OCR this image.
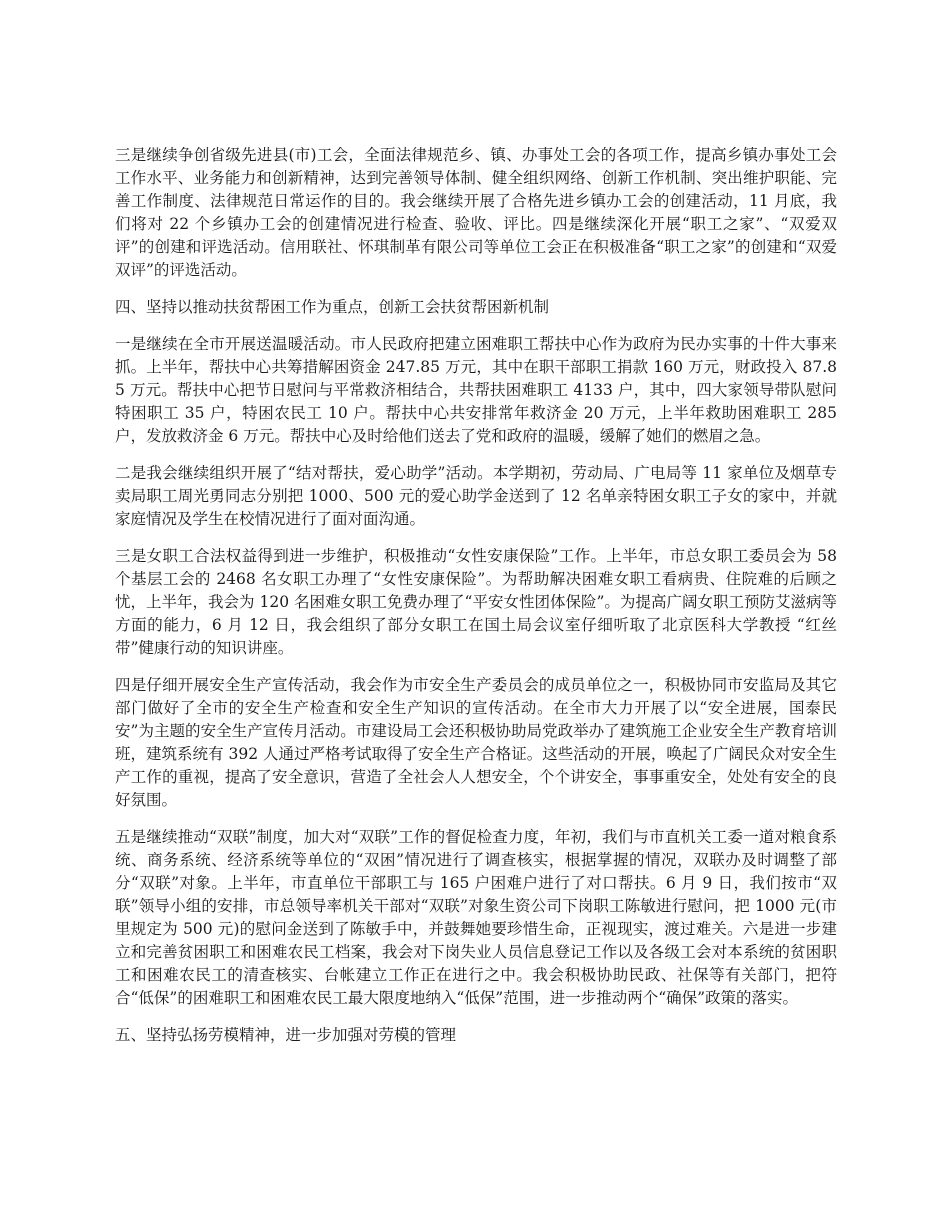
三是继续争创省级先进县(市)工会，全面法律规范乡、镇、办事处工会的各项工作，提高乡镇办事处工会工作水平、业务能力和创新精神，达到完善领导体制、健全组织网络、创新工作机制、突出维护职能、完善工作制度、法律规范日常运作的目的。我会继续开展了合格先进乡镇办工会的创建活动，11 月底，我们将对 22 个乡镇办工会的创建情况进行检查、验收、评比。四是继续深化开展“职工之家”、“双爱双评”的创建和评选活动。信用联社、怀琪制革有限公司等单位工会正在积极准备“职工之家”的创建和“双爱双评”的评选活动。

四、坚持以推动扶贫帮困工作为重点，创新工会扶贫帮困新机制

一是继续在全市开展送温暖活动。市人民政府把建立困难职工帮扶中心作为政府为民办实事的十件大事来抓。上半年，帮扶中心共筹措解困资金 247.85 万元，其中在职干部职工捐款 160 万元，财政投入 87.85 万元。帮扶中心把节日慰问与平常救济相结合，共帮扶困难职工 4133 户，其中，四大家领导带队慰问特困职工 35 户，特困农民工 10 户。帮扶中心共安排常年救济金 20 万元，上半年救助困难职工 285 户，发放救济金 6 万元。帮扶中心及时给他们送去了党和政府的温暖，缓解了她们的燃眉之急。

二是我会继续组织开展了“结对帮扶，爱心助学”活动。本学期初，劳动局、广电局等 11 家单位及烟草专卖局职工周光勇同志分别把 1000、500 元的爱心助学金送到了 12 名单亲特困女职工子女的家中，并就家庭情况及学生在校情况进行了面对面沟通。

三是女职工合法权益得到进一步维护，积极推动“女性安康保险”工作。上半年，市总女职工委员会为 58 个基层工会的 2468 名女职工办理了“女性安康保险”。为帮助解决困难女职工看病贵、住院难的后顾之忧，上半年，我会为 120 名困难女职工免费办理了“平安女性团体保险”。为提高广阔女职工预防艾滋病等方面的能力，6 月 12 日，我会组织了部分女职工在国土局会议室仔细听取了北京医科大学教授 “红丝带”健康行动的知识讲座。

四是仔细开展安全生产宣传活动，我会作为市安全生产委员会的成员单位之一，积极协同市安监局及其它部门做好了全市的安全生产检查和安全生产知识的宣传活动。在全市大力开展了以“安全进展，国泰民安”为主题的安全生产宣传月活动。市建设局工会还积极协助局党政举办了建筑施工企业安全生产教育培训班，建筑系统有 392 人通过严格考试取得了安全生产合格证。这些活动的开展，唤起了广阔民众对安全生产工作的重视，提高了安全意识，营造了全社会人人想安全，个个讲安全，事事重安全，处处有安全的良好氛围。

五是继续推动“双联”制度，加大对“双联”工作的督促检查力度，年初，我们与市直机关工委一道对粮食系统、商务系统、经济系统等单位的“双困”情况进行了调查核实，根据掌握的情况，双联办及时调整了部分“双联”对象。上半年，市直单位干部职工与 165 户困难户进行了对口帮扶。6 月 9 日，我们按市“双联”领导小组的安排，市总领导率机关干部对“双联”对象生资公司下岗职工陈敏进行慰问，把 1000 元(市里规定为 500 元)的慰问金送到了陈敏手中，并鼓舞她要珍惜生命，正视现实，渡过难关。六是进一步建立和完善贫困职工和困难农民工档案，我会对下岗失业人员信息登记工作以及各级工会对本系统的贫困职工和困难农民工的清查核实、台帐建立工作正在进行之中。我会积极协助民政、社保等有关部门，把符合“低保”的困难职工和困难农民工最大限度地纳入“低保”范围，进一步推动两个“确保”政策的落实。

五、坚持弘扬劳模精神，进一步加强对劳模的管理
